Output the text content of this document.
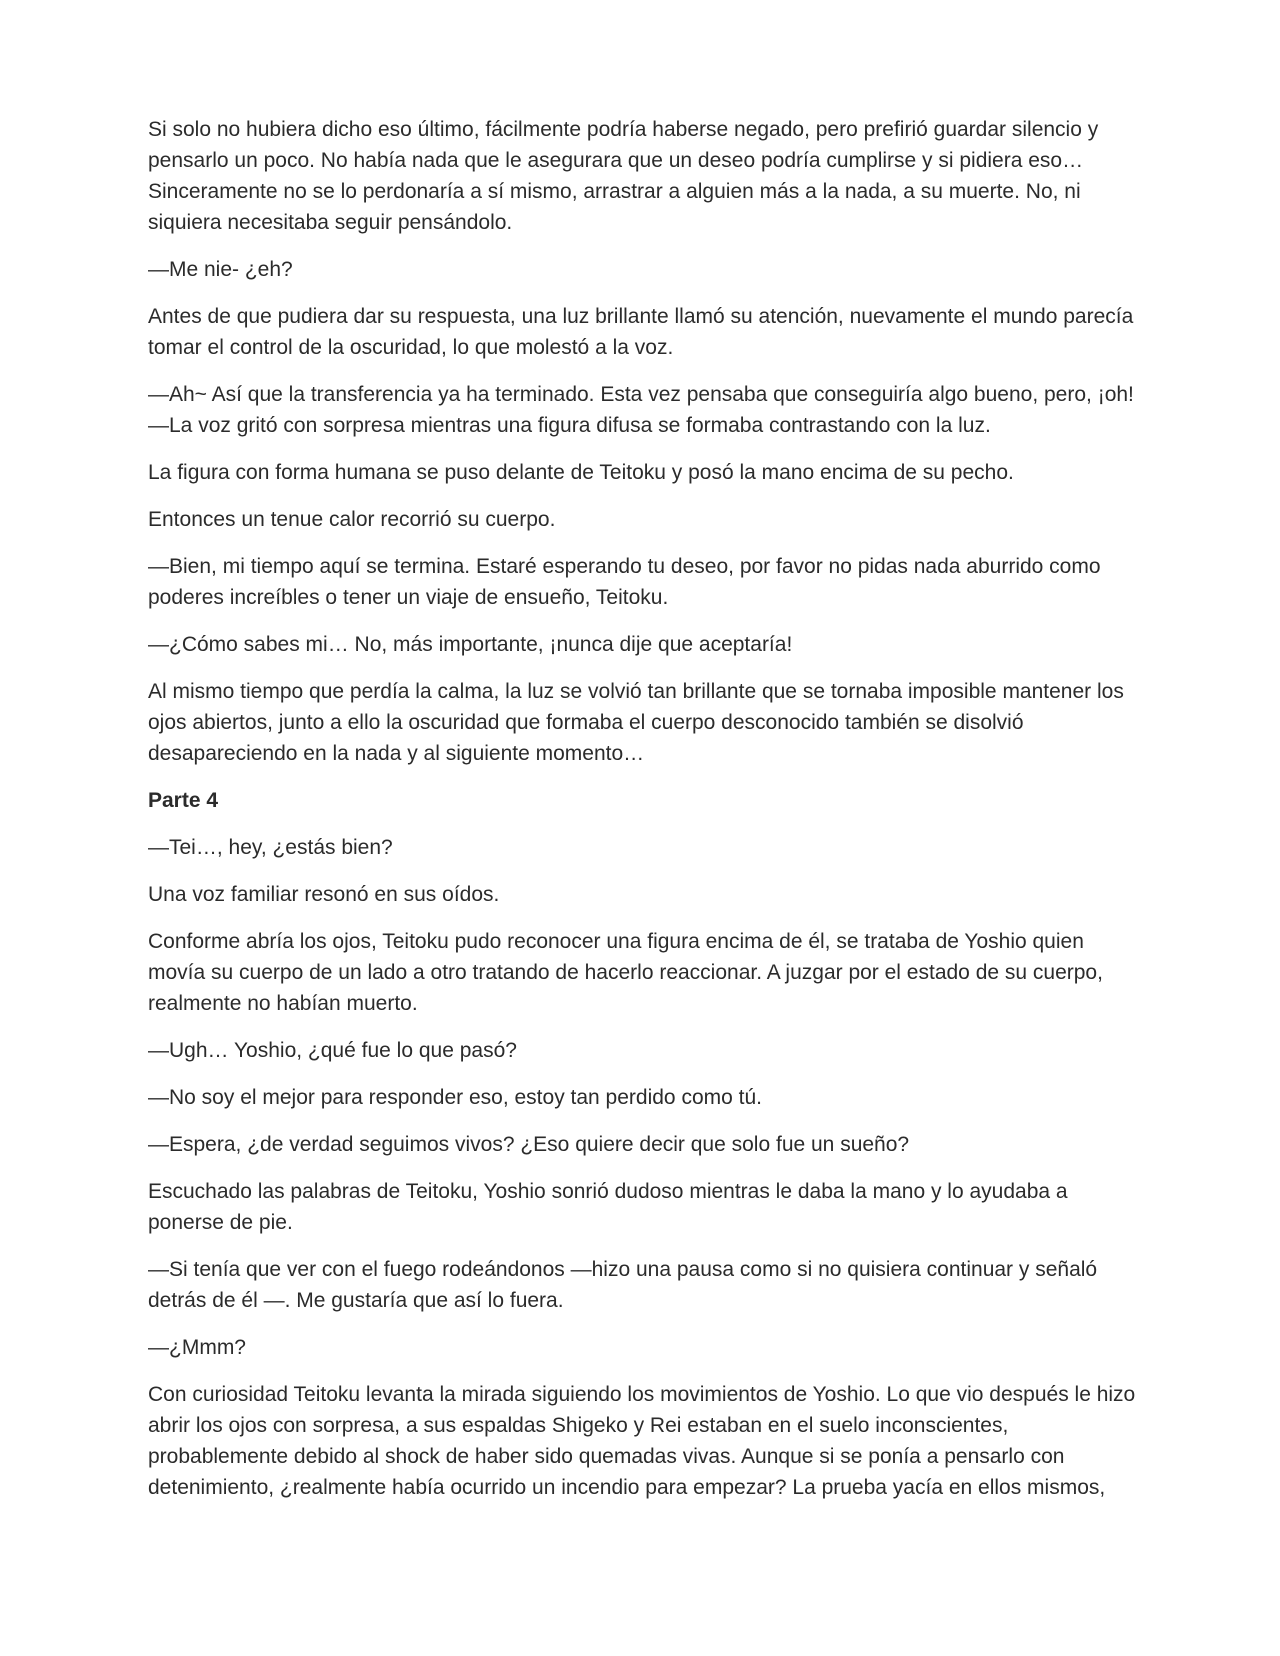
Si solo no hubiera dicho eso último, fácilmente podría haberse negado, pero prefirió guardar silencio y pensarlo un poco. No había nada que le asegurara que un deseo podría cumplirse y si pidiera eso… Sinceramente no se lo perdonaría a sí mismo, arrastrar a alguien más a la nada, a su muerte. No, ni siquiera necesitaba seguir pensándolo.

—Me nie- ¿eh?

Antes de que pudiera dar su respuesta, una luz brillante llamó su atención, nuevamente el mundo parecía tomar el control de la oscuridad, lo que molestó a la voz.

—Ah~ Así que la transferencia ya ha terminado. Esta vez pensaba que conseguiría algo bueno, pero, ¡oh! —La voz gritó con sorpresa mientras una figura difusa se formaba contrastando con la luz.

La figura con forma humana se puso delante de Teitoku y posó la mano encima de su pecho.

Entonces un tenue calor recorrió su cuerpo.

—Bien, mi tiempo aquí se termina. Estaré esperando tu deseo, por favor no pidas nada aburrido como poderes increíbles o tener un viaje de ensueño, Teitoku.

—¿Cómo sabes mi… No, más importante, ¡nunca dije que aceptaría!

Al mismo tiempo que perdía la calma, la luz se volvió tan brillante que se tornaba imposible mantener los ojos abiertos, junto a ello la oscuridad que formaba el cuerpo desconocido también se disolvió desapareciendo en la nada y al siguiente momento…

Parte 4

—Tei…, hey, ¿estás bien?

Una voz familiar resonó en sus oídos.

Conforme abría los ojos, Teitoku pudo reconocer una figura encima de él, se trataba de Yoshio quien movía su cuerpo de un lado a otro tratando de hacerlo reaccionar. A juzgar por el estado de su cuerpo, realmente no habían muerto.

—Ugh… Yoshio, ¿qué fue lo que pasó?

—No soy el mejor para responder eso, estoy tan perdido como tú.

—Espera, ¿de verdad seguimos vivos? ¿Eso quiere decir que solo fue un sueño?

Escuchado las palabras de Teitoku, Yoshio sonrió dudoso mientras le daba la mano y lo ayudaba a ponerse de pie.

—Si tenía que ver con el fuego rodeándonos —hizo una pausa como si no quisiera continuar y señaló detrás de él —. Me gustaría que así lo fuera.

—¿Mmm?

Con curiosidad Teitoku levanta la mirada siguiendo los movimientos de Yoshio. Lo que vio después le hizo abrir los ojos con sorpresa, a sus espaldas Shigeko y Rei estaban en el suelo inconscientes, probablemente debido al shock de haber sido quemadas vivas. Aunque si se ponía a pensarlo con detenimiento, ¿realmente había ocurrido un incendio para empezar? La prueba yacía en ellos mismos,
